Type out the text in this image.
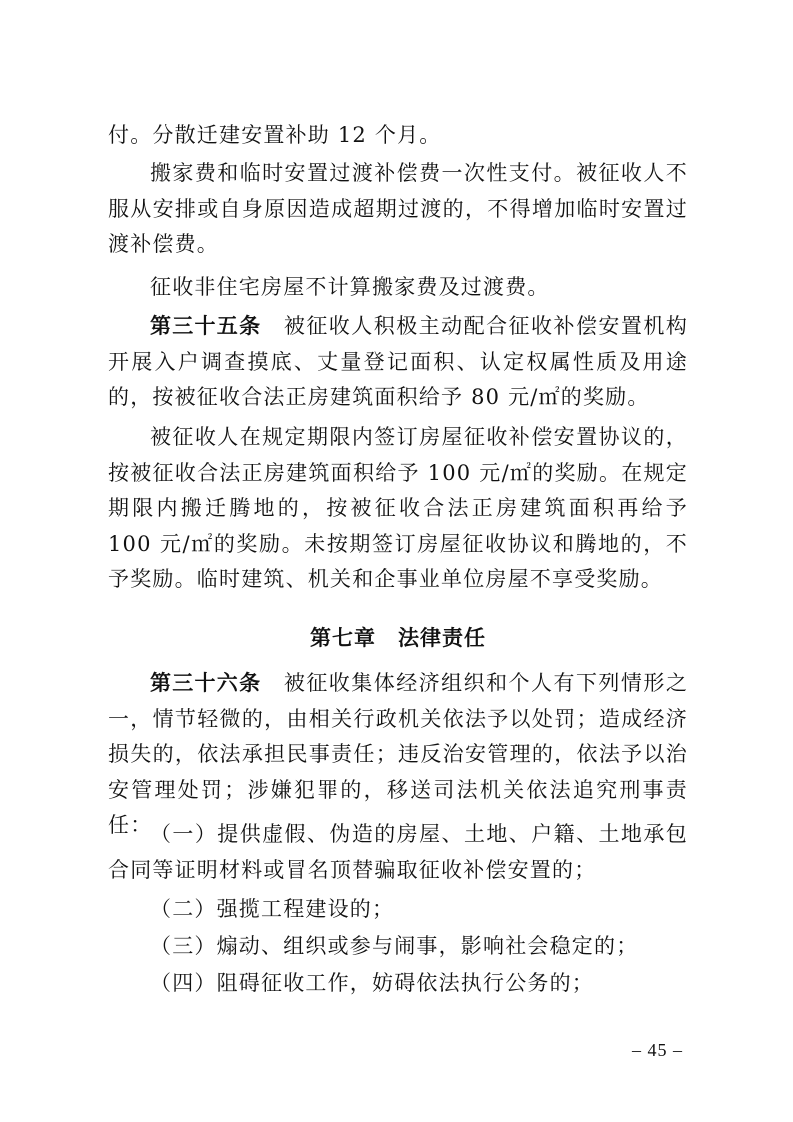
付。分散迁建安置补助 12 个月。

搬家费和临时安置过渡补偿费一次性支付。被征收人不服从安排或自身原因造成超期过渡的，不得增加临时安置过渡补偿费。

征收非住宅房屋不计算搬家费及过渡费。

第三十五条　 被征收人积极主动配合征收补偿安置机构开展入户调查摸底、丈量登记面积、认定权属性质及用途的，按被征收合法正房建筑面积给予 80 元/㎡的奖励。

被征收人在规定期限内签订房屋征收补偿安置协议的，按被征收合法正房建筑面积给予 100 元/㎡的奖励。在规定期限内搬迁腾地的，按被征收合法正房建筑面积再给予 100 元/㎡的奖励。未按期签订房屋征收协议和腾地的，不予奖励。临时建筑、机关和企事业单位房屋不享受奖励。

第七章　法律责任

第三十六条　 被征收集体经济组织和个人有下列情形之一，情节轻微的，由相关行政机关依法予以处罚；造成经济损失的，依法承担民事责任；违反治安管理的，依法予以治安管理处罚；涉嫌犯罪的，移送司法机关依法追究刑事责任：

（一）提供虚假、伪造的房屋、土地、户籍、土地承包合同等证明材料或冒名顶替骗取征收补偿安置的；

（二）强揽工程建设的；

（三）煽动、组织或参与闹事，影响社会稳定的；

（四）阻碍征收工作，妨碍依法执行公务的；

– 45 –
